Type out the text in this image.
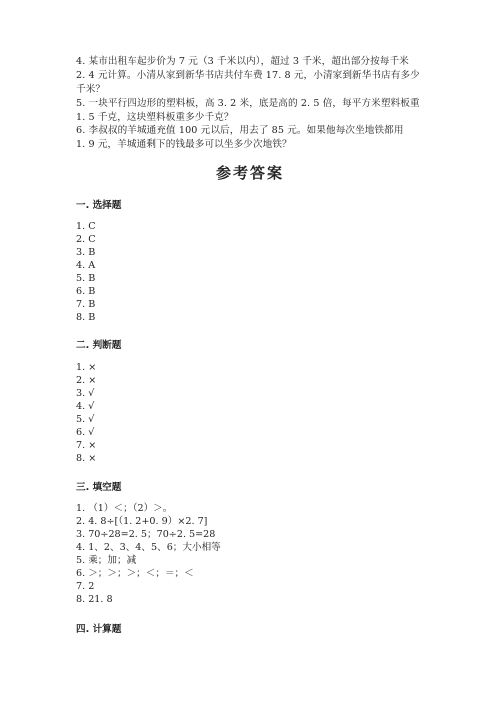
4. 某市出租车起步价为 7 元（3 千米以内），超过 3 千米，超出部分按每千米
2. 4 元计算。小清从家到新华书店共付车费 17. 8 元，小清家到新华书店有多少
千米？
5. 一块平行四边形的塑料板，高 3. 2 米，底是高的 2. 5 倍，每平方米塑料板重
1. 5 千克，这块塑料板重多少千克？
6. 李叔叔的羊城通充值 100 元以后，用去了 85 元。如果他每次坐地铁都用
1. 9 元，羊城通剩下的钱最多可以坐多少次地铁？
参考答案
一. 选择题
1. C
2. C
3. B
4. A
5. B
6. B
7. B
8. B
二. 判断题
1. ×
2. ×
3. √
4. √
5. √
6. √
7. ×
8. ×
三. 填空题
1. （1）＜；（2）＞。
2. 4. 8÷[（1. 2+0. 9）×2. 7]
3. 70÷28=2. 5；70÷2. 5=28
4. 1、2、3、4、5、6；大小相等
5. 乘；加；减
6. ＞；＞；＞；＜；＝；＜
7. 2
8. 21. 8
四. 计算题
